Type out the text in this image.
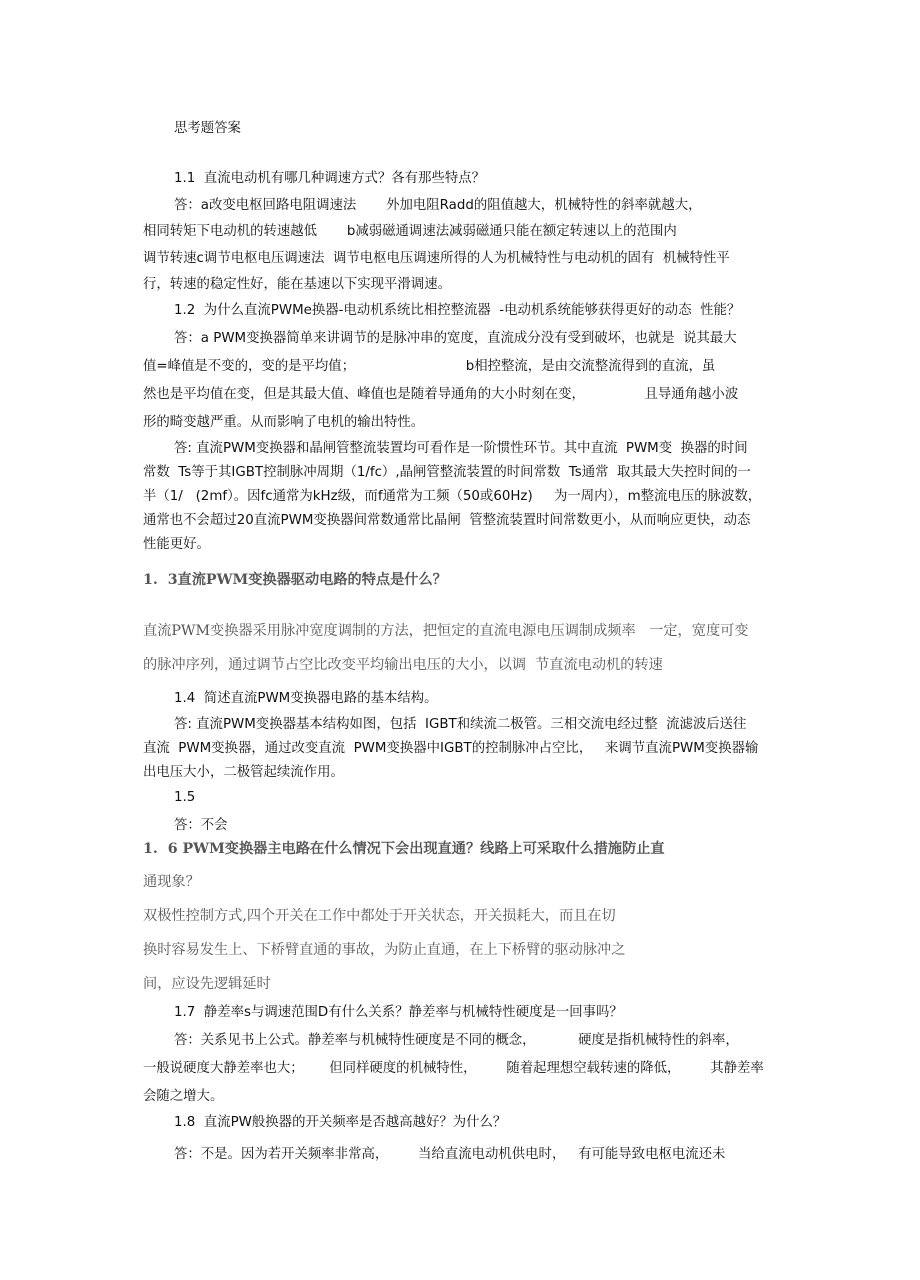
思考题答案

1.1  直流电动机有哪几种调速方式？各有那些特点？

答：a改变电枢回路电阻调速法       外加电阻Radd的阻值越大，机械特性的斜率就越大，

相同转矩下电动机的转速越低       b减弱磁通调速法减弱磁通只能在额定转速以上的范围内

调节转速c调节电枢电压调速法  调节电枢电压调速所得的人为机械特性与电动机的固有  机械特性平

行，转速的稳定性好，能在基速以下实现平滑调速。

1.2  为什么直流PWMe换器-电动机系统比相控整流器  -电动机系统能够获得更好的动态  性能？

答：a PWM变换器简单来讲调节的是脉冲串的宽度，直流成分没有受到破坏，也就是  说其最大

值=峰值是不变的，变的是平均值；                          b相控整流，是由交流整流得到的直流，虽

然也是平均值在变，但是其最大值、峰值也是随着导通角的大小时刻在变，              且导通角越小波

形的畸变越严重。从而影响了电机的输出特性。

答: 直流PWM变换器和晶闸管整流装置均可看作是一阶惯性环节。其中直流  PWM变  换器的时间

常数  Ts等于其IGBT控制脉冲周期（1/fc）,晶闸管整流装置的时间常数  Ts通常  取其最大失控时间的一

半（1/   (2mf）。因fc通常为kHz级，而f通常为工频（50或60Hz)     为一周内），m整流电压的脉波数，

通常也不会超过20直流PWM变换器间常数通常比晶闸  管整流装置时间常数更小，从而响应更快，动态

性能更好。

1.  3直流PWM变换器驱动电路的特点是什么？

直流PWM变换器采用脉冲宽度调制的方法，把恒定的直流电源电压调制成频率   一定，宽度可变

的脉冲序列，通过调节占空比改变平均输出电压的大小，以调  节直流电动机的转速

1.4  简述直流PWM变换器电路的基本结构。

答: 直流PWM变换器基本结构如图，包括  IGBT和续流二极管。三相交流电经过整  流滤波后送往

直流  PWM变换器，通过改变直流  PWM变换器中IGBT的控制脉冲占空比，   来调节直流PWM变换器输

出电压大小，二极管起续流作用。

1.5

答：不会

1.  6 PWM变换器主电路在什么情况下会出现直通？线路上可采取什么措施防止直

通现象？

双极性控制方式,四个开关在工作中都处于开关状态，开关损耗大，而且在切

换时容易发生上、下桥臂直通的事故，为防止直通，在上下桥臂的驱动脉冲之

间，应设先逻辑延时

1.7  静差率s与调速范围D有什么关系？静差率与机械特性硬度是一回事吗？

答：关系见书上公式。静差率与机械特性硬度是不同的概念，          硬度是指机械特性的斜率，

一般说硬度大静差率也大；      但同样硬度的机械特性，       随着起理想空载转速的降低，       其静差率

会随之增大。

1.8  直流PW般换器的开关频率是否越高越好？为什么？

答：不是。因为若开关频率非常高，       当给直流电动机供电时，   有可能导致电枢电流还未
